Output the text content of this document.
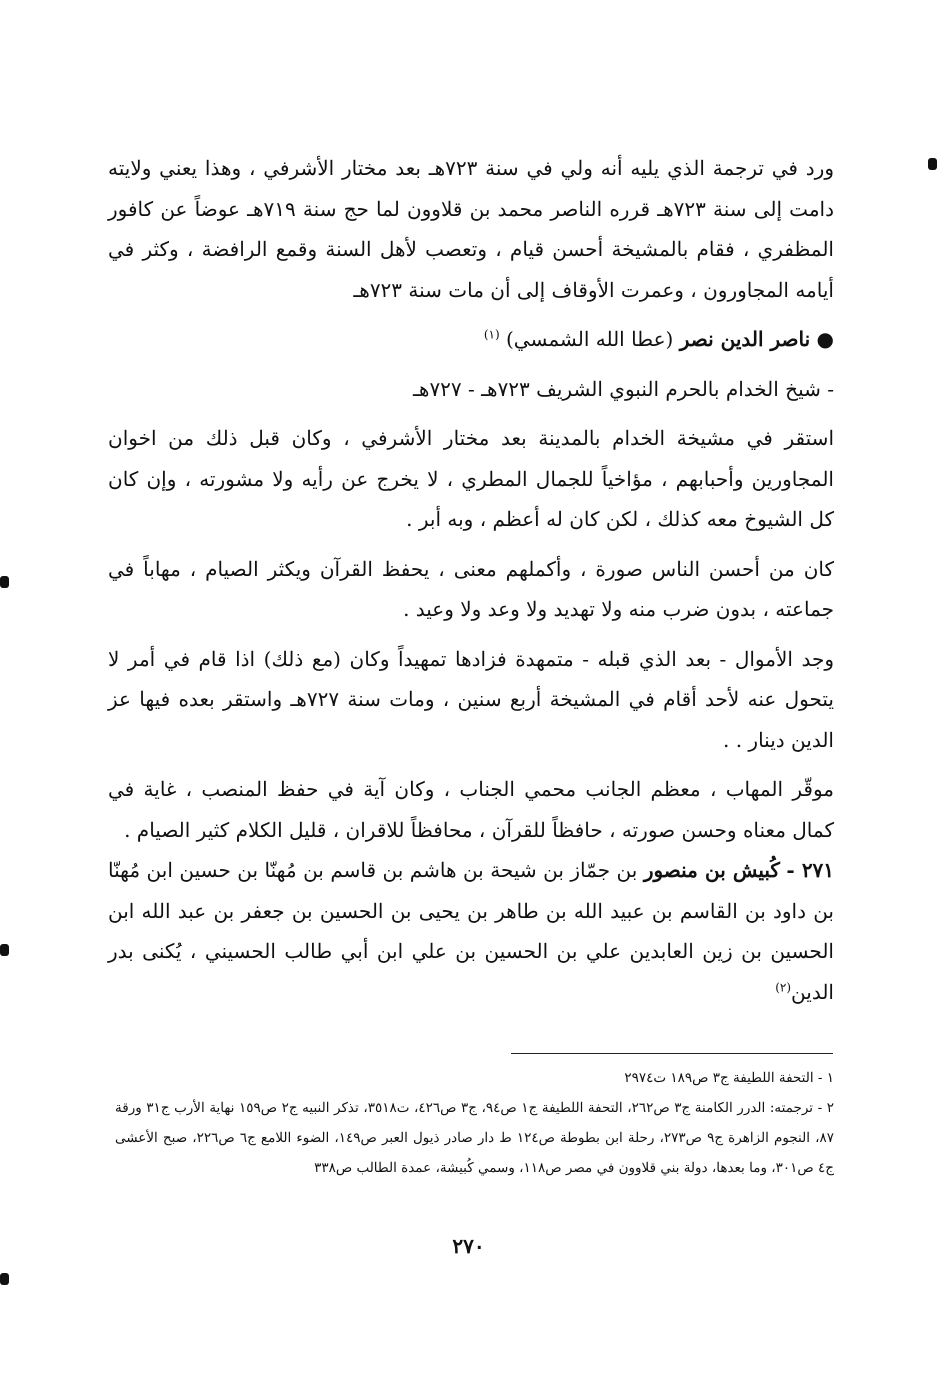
ورد في ترجمة الذي يليه أنه ولي في سنة ٧٢٣هـ بعد مختار الأشرفي ، وهذا يعني ولايته دامت إلى سنة ٧٢٣هـ قرره الناصر محمد بن قلاوون لما حج سنة ٧١٩هـ عوضاً عن كافور المظفري ، فقام بالمشيخة أحسن قيام ، وتعصب لأهل السنة وقمع الرافضة ، وكثر في أيامه المجاورون ، وعمرت الأوقاف إلى أن مات سنة ٧٢٣هـ

● ناصر الدين نصر (عطا الله الشمسي) $^{(١)}$

- شيخ الخدام بالحرم النبوي الشريف ٧٢٣هـ - ٧٢٧هـ

استقر في مشيخة الخدام بالمدينة بعد مختار الأشرفي ، وكان قبل ذلك من اخوان المجاورين وأحبابهم ، مؤاخياً للجمال المطري ، لا يخرج عن رأيه ولا مشورته ، وإن كان كل الشيوخ معه كذلك ، لكن كان له أعظم ، وبه أبر .

كان من أحسن الناس صورة ، وأكملهم معنى ، يحفظ القرآن ويكثر الصيام ، مهاباً في جماعته ، بدون ضرب منه ولا تهديد ولا وعد ولا وعيد .

وجد الأموال - بعد الذي قبله - متمهدة فزادها تمهيداً وكان (مع ذلك) اذا قام في أمر لا يتحول عنه لأحد أقام في المشيخة أربع سنين ، ومات سنة ٧٢٧هـ واستقر بعده فيها عز الدين دينار . .

موقّر المهاب ، معظم الجانب محمي الجناب ، وكان آية في حفظ المنصب ، غاية في كمال معناه وحسن صورته ، حافظاً للقرآن ، محافظاً للاقران ، قليل الكلام كثير الصيام .

٢٧١ - كُبيش بن منصور بن جمّاز بن شيحة بن هاشم بن قاسم بن مُهنّا بن حسين ابن مُهنّا بن داود بن القاسم بن عبيد الله بن طاهر بن يحيى بن الحسين بن جعفر بن عبد الله ابن الحسين بن زين العابدين علي بن الحسين بن علي ابن أبي طالب الحسيني ، يُكنى بدر الدين$^{(٢)}$

١ - التحفة اللطيفة ج٣ ص١٨٩ ت٢٩٧٤

٢ - ترجمته: الدرر الكامنة ج٣ ص٢٦٢، التحفة اللطيفة ج١ ص٩٤، ج٣ ص٤٢٦، ت٣٥١٨، تذكر النبيه ج٢ ص١٥٩ نهاية الأرب ج٣١ ورقة ٨٧، النجوم الزاهرة ج٩ ص٢٧٣، رحلة ابن بطوطة ص١٢٤ ط دار صادر ذيول العبر ص١٤٩، الضوء اللامع ج٦ ص٢٢٦، صبح الأعشى ج٤ ص٣٠١، وما بعدها، دولة بني قلاوون في مصر ص١١٨، وسمي كُبيشة، عمدة الطالب ص٣٣٨

٢٧٠
